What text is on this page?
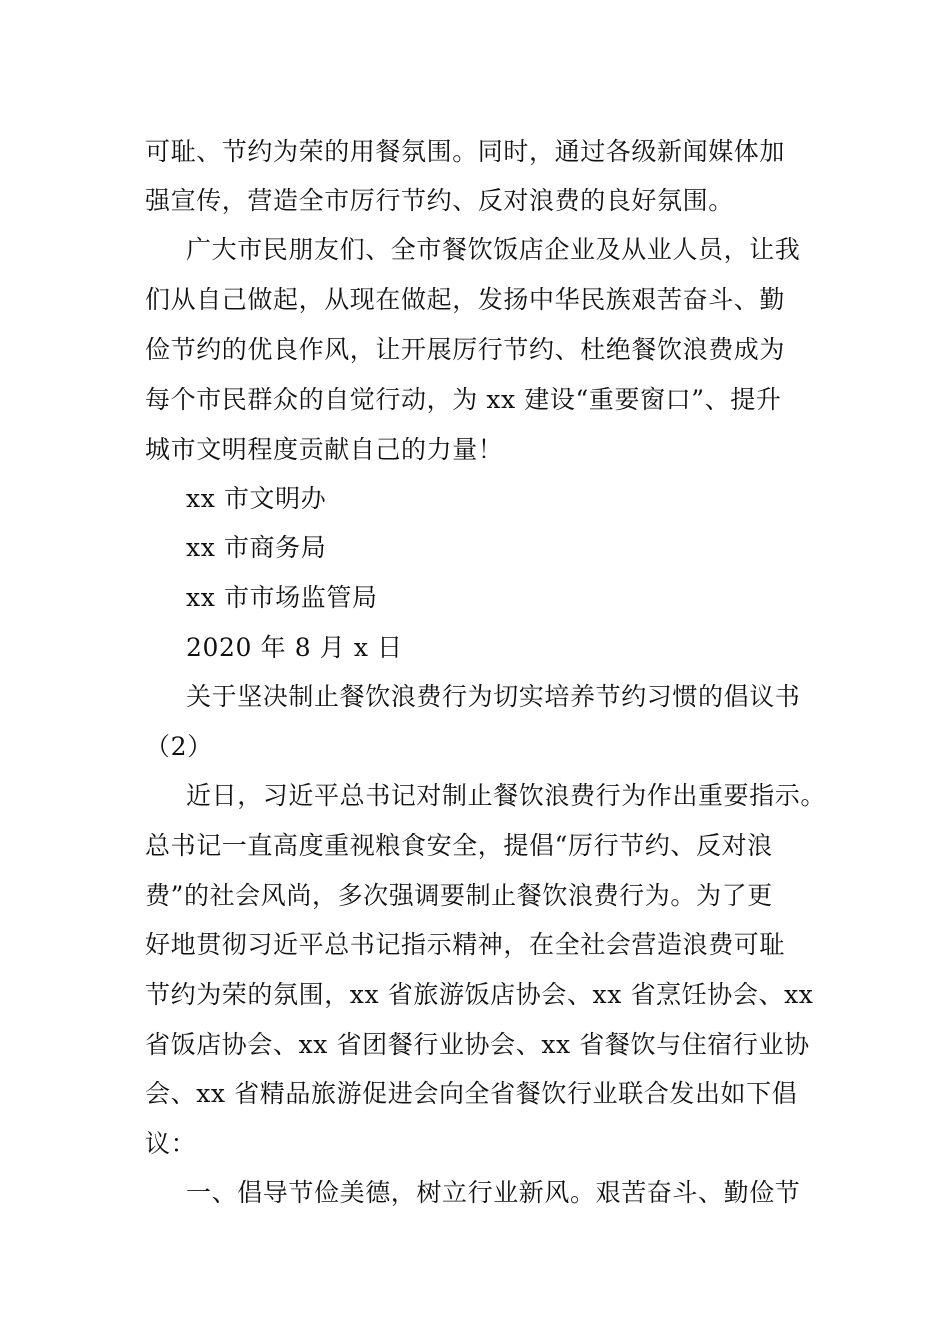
可耻、节约为荣的用餐氛围。同时，通过各级新闻媒体加
强宣传，营造全市厉行节约、反对浪费的良好氛围。
广大市民朋友们、全市餐饮饭店企业及从业人员，让我
们从自己做起，从现在做起，发扬中华民族艰苦奋斗、勤
俭节约的优良作风，让开展厉行节约、杜绝餐饮浪费成为
每个市民群众的自觉行动，为 xx 建设“重要窗口”、提升
城市文明程度贡献自己的力量！
xx 市文明办
xx 市商务局
xx 市市场监管局
2020 年 8 月 x 日
关于坚决制止餐饮浪费行为切实培养节约习惯的倡议书
（2）
近日，习近平总书记对制止餐饮浪费行为作出重要指示。
总书记一直高度重视粮食安全，提倡“厉行节约、反对浪
费”的社会风尚，多次强调要制止餐饮浪费行为。为了更
好地贯彻习近平总书记指示精神，在全社会营造浪费可耻
节约为荣的氛围，xx 省旅游饭店协会、xx 省烹饪协会、xx
省饭店协会、xx 省团餐行业协会、xx 省餐饮与住宿行业协
会、xx 省精品旅游促进会向全省餐饮行业联合发出如下倡
议：
一、倡导节俭美德，树立行业新风。艰苦奋斗、勤俭节
